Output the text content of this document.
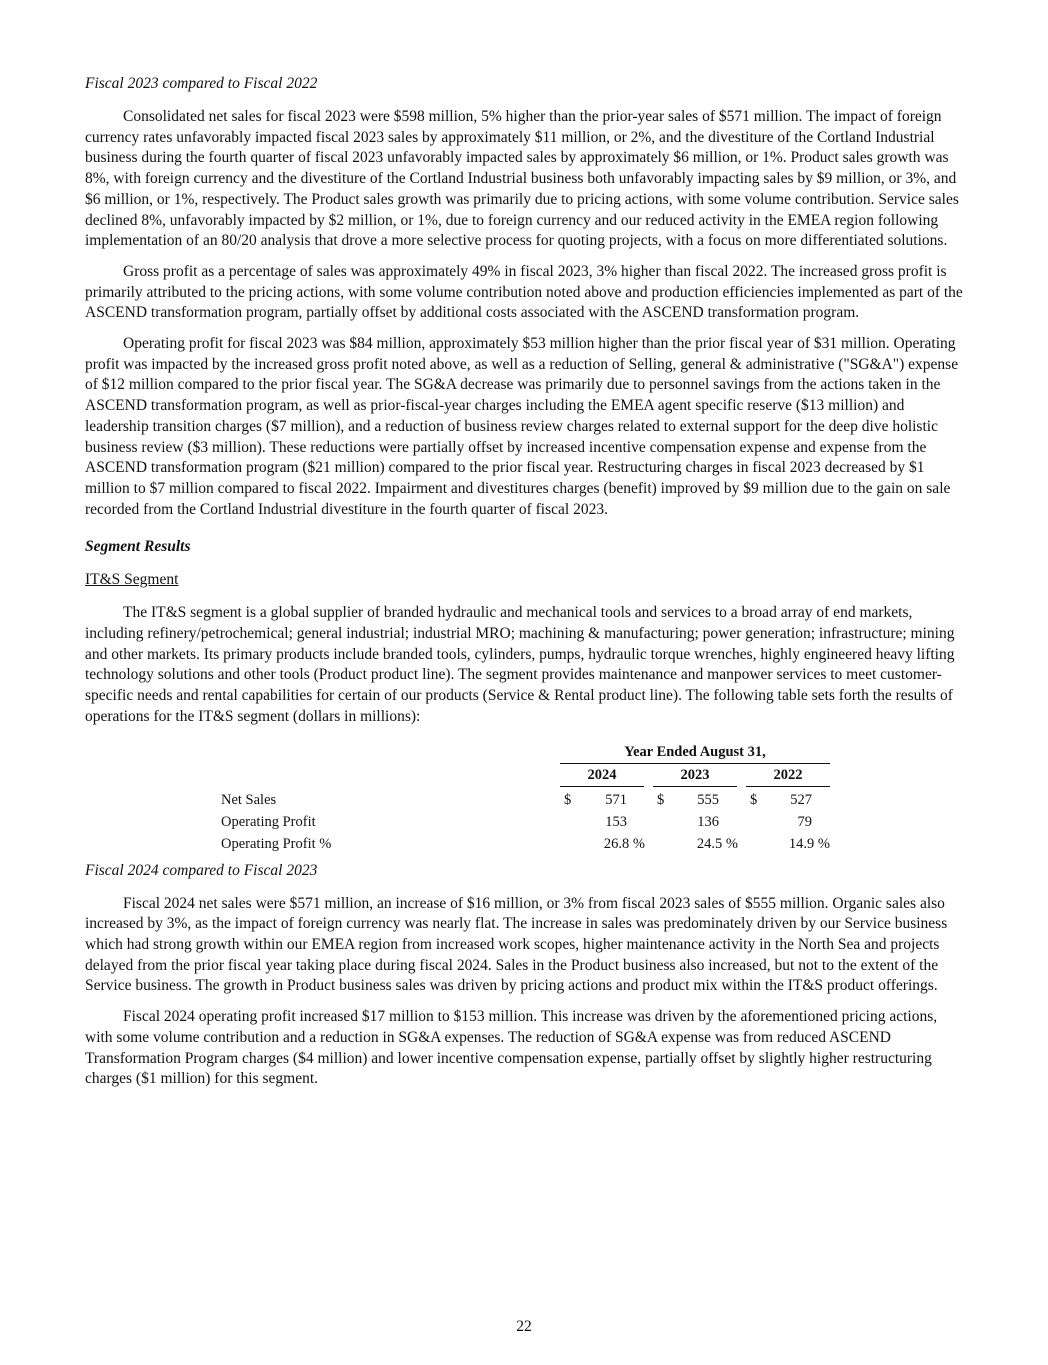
Fiscal 2023 compared to Fiscal 2022

Consolidated net sales for fiscal 2023 were $598 million, 5% higher than the prior-year sales of $571 million. The impact of foreign currency rates unfavorably impacted fiscal 2023 sales by approximately $11 million, or 2%, and the divestiture of the Cortland Industrial business during the fourth quarter of fiscal 2023 unfavorably impacted sales by approximately $6 million, or 1%. Product sales growth was 8%, with foreign currency and the divestiture of the Cortland Industrial business both unfavorably impacting sales by $9 million, or 3%, and $6 million, or 1%, respectively. The Product sales growth was primarily due to pricing actions, with some volume contribution. Service sales declined 8%, unfavorably impacted by $2 million, or 1%, due to foreign currency and our reduced activity in the EMEA region following implementation of an 80/20 analysis that drove a more selective process for quoting projects, with a focus on more differentiated solutions.

Gross profit as a percentage of sales was approximately 49% in fiscal 2023, 3% higher than fiscal 2022. The increased gross profit is primarily attributed to the pricing actions, with some volume contribution noted above and production efficiencies implemented as part of the ASCEND transformation program, partially offset by additional costs associated with the ASCEND transformation program.

Operating profit for fiscal 2023 was $84 million, approximately $53 million higher than the prior fiscal year of $31 million. Operating profit was impacted by the increased gross profit noted above, as well as a reduction of Selling, general & administrative ("SG&A") expense of $12 million compared to the prior fiscal year. The SG&A decrease was primarily due to personnel savings from the actions taken in the ASCEND transformation program, as well as prior-fiscal-year charges including the EMEA agent specific reserve ($13 million) and leadership transition charges ($7 million), and a reduction of business review charges related to external support for the deep dive holistic business review ($3 million). These reductions were partially offset by increased incentive compensation expense and expense from the ASCEND transformation program ($21 million) compared to the prior fiscal year. Restructuring charges in fiscal 2023 decreased by $1 million to $7 million compared to fiscal 2022. Impairment and divestitures charges (benefit) improved by $9 million due to the gain on sale recorded from the Cortland Industrial divestiture in the fourth quarter of fiscal 2023.

Segment Results

IT&S Segment

The IT&S segment is a global supplier of branded hydraulic and mechanical tools and services to a broad array of end markets, including refinery/petrochemical; general industrial; industrial MRO; machining & manufacturing; power generation; infrastructure; mining and other markets. Its primary products include branded tools, cylinders, pumps, hydraulic torque wrenches, highly engineered heavy lifting technology solutions and other tools (Product product line). The segment provides maintenance and manpower services to meet customer-specific needs and rental capabilities for certain of our products (Service & Rental product line). The following table sets forth the results of operations for the IT&S segment (dollars in millions):

Year Ended August 31,
2024	2023	2022
Net Sales	$	571 $	555 $	527
Operating Profit	153	136	79
Operating Profit %	26.8 %	24.5 %	14.9 %

Fiscal 2024 compared to Fiscal 2023

Fiscal 2024 net sales were $571 million, an increase of $16 million, or 3% from fiscal 2023 sales of $555 million. Organic sales also increased by 3%, as the impact of foreign currency was nearly flat. The increase in sales was predominately driven by our Service business which had strong growth within our EMEA region from increased work scopes, higher maintenance activity in the North Sea and projects delayed from the prior fiscal year taking place during fiscal 2024. Sales in the Product business also increased, but not to the extent of the Service business. The growth in Product business sales was driven by pricing actions and product mix within the IT&S product offerings.

Fiscal 2024 operating profit increased $17 million to $153 million. This increase was driven by the aforementioned pricing actions, with some volume contribution and a reduction in SG&A expenses. The reduction of SG&A expense was from reduced ASCEND Transformation Program charges ($4 million) and lower incentive compensation expense, partially offset by slightly higher restructuring charges ($1 million) for this segment.

22
